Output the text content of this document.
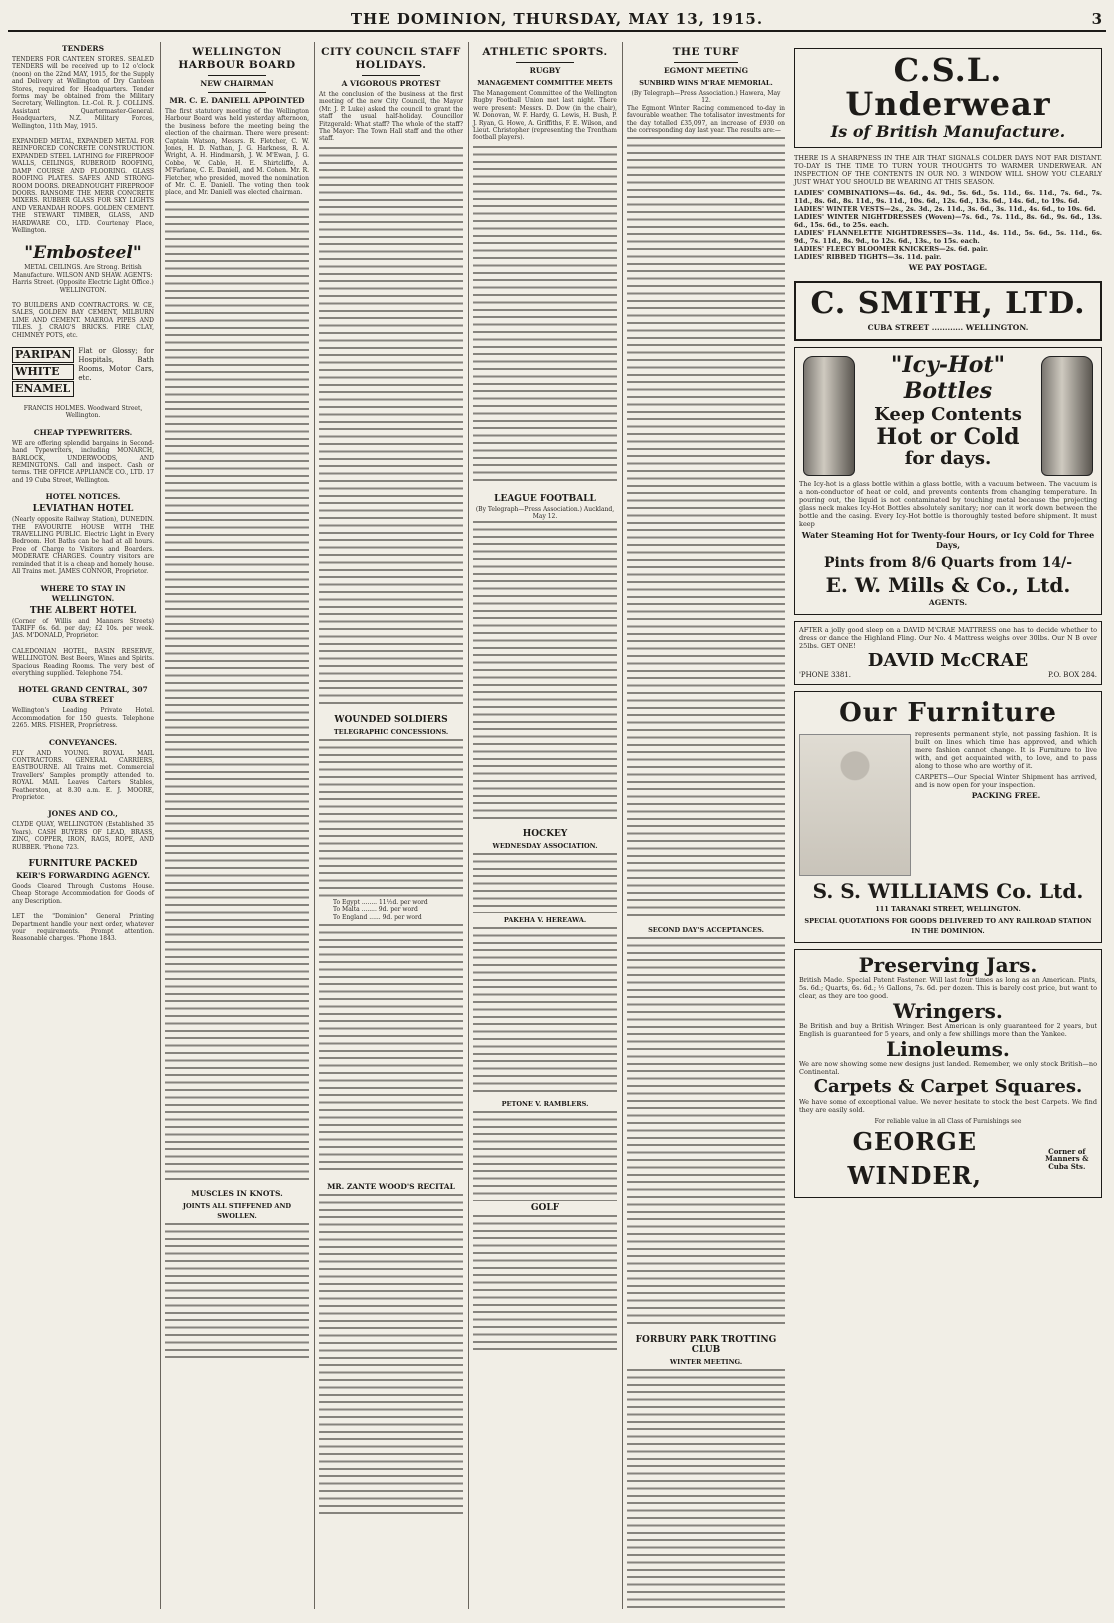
THE DOMINION, THURSDAY, MAY 13, 1915.	3
TENDERS
TENDERS FOR CANTEEN STORES. SEALED TENDERS will be received up to 12 o'clock (noon) on the 22nd MAY, 1915, for the Supply and Delivery at Wellington of Dry Canteen Stores, required for Headquarters. Tender forms may be obtained from the Military Secretary, Wellington. Lt.-Col. R. J. COLLINS. Assistant Quartermaster-General. Headquarters, N.Z. Military Forces, Wellington, 11th May, 1915.
EXPANDED METAL, EXPANDED METAL FOR REINFORCED CONCRETE CONSTRUCTION. EXPANDED STEEL LATHING for FIREPROOF WALLS, CEILINGS, RUBEROID ROOFING, DAMP COURSE AND FLOORING. GLASS ROOFING PLATES. SAFES AND STRONG-ROOM DOORS. DREADNOUGHT FIREPROOF DOORS. RANSOME THE MERR CONCRETE MIXERS. RUBBER GLASS FOR SKY LIGHTS AND VERANDAH ROOFS. GOLDEN CEMENT. THE STEWART TIMBER, GLASS, AND HARDWARE CO., LTD. Courtenay Place, Wellington.
"Embosteel"
METAL CEILINGS. Are Strong. British Manufacture. WILSON AND SHAW. AGENTS: Harris Street. (Opposite Electric Light Office.) WELLINGTON.
TO BUILDERS AND CONTRACTORS. W. CE, SALES, GOLDEN BAY CEMENT, MILBURN LIME AND CEMENT. MAEROA PIPES AND TILES. J. CRAIG'S BRICKS. FIRE CLAY, CHIMNEY POTS, etc.
PARIPAN
WHITE
ENAMEL
Flat or Glossy; for Hospitals, Bath Rooms, Motor Cars, etc.
FRANCIS HOLMES. Woodward Street, Wellington.
CHEAP TYPEWRITERS.
WE are offering splendid bargains in Second-hand Typewriters, including MONARCH, BARLOCK, UNDERWOODS, AND REMINGTONS. Call and inspect. Cash or terms. THE OFFICE APPLIANCE CO., LTD. 17 and 19 Cuba Street, Wellington.
HOTEL NOTICES.
LEVIATHAN HOTEL
(Nearly opposite Railway Station), DUNEDIN. THE FAVOURITE HOUSE WITH THE TRAVELLING PUBLIC. Electric Light in Every Bedroom. Hot Baths can be had at all hours. Free of Charge to Visitors and Boarders. MODERATE CHARGES. Country visitors are reminded that it is a cheap and homely house. All Trains met. JAMES CONNOR, Proprietor.
WHERE TO STAY IN WELLINGTON.
THE ALBERT HOTEL
(Corner of Willis and Manners Streets) TARIFF 6s. 6d. per day; £2 10s. per week. JAS. M'DONALD, Proprietor.
CALEDONIAN HOTEL, BASIN RESERVE, WELLINGTON. Best Beers, Wines and Spirits. Spacious Reading Rooms. The very best of everything supplied. Telephone 754.
HOTEL GRAND CENTRAL, 307 CUBA STREET
Wellington's Leading Private Hotel. Accommodation for 150 guests. Telephone 2265. MRS. FISHER, Proprietress.
CONVEYANCES.
FLY AND YOUNG. ROYAL MAIL CONTRACTORS. GENERAL CARRIERS, EASTBOURNE. All Trains met. Commercial Travellers' Samples promptly attended to. ROYAL MAIL Leaves Carters Stables, Featherston, at 8.30 a.m. E. J. MOORE, Proprietor.
JONES AND CO.,
CLYDE QUAY, WELLINGTON (Established 35 Years). CASH BUYERS OF LEAD, BRASS, ZINC, COPPER, IRON, RAGS, ROPE, AND RUBBER. 'Phone 723.
FURNITURE PACKED
KEIR'S FORWARDING AGENCY.
Goods Cleared Through Customs House. Cheap Storage Accommodation for Goods of any Description.
LET the "Dominion" General Printing Department handle your next order, whatever your requirements. Prompt attention. Reasonable charges. 'Phone 1843.
WELLINGTON HARBOUR BOARD
NEW CHAIRMAN
MR. C. E. DANIELL APPOINTED
The first statutory meeting of the Wellington Harbour Board was held yesterday afternoon, the business before the meeting being the election of the chairman. There were present: Captain Watson, Messrs. R. Fletcher, C. W. Jones, H. D. Nathan, J. G. Harkness, R. A. Wright, A. H. Hindmarsh, J. W. M'Ewan, J. G. Cobbe, W. Cable, H. E. Shirtcliffe, A. M'Farlane, C. E. Daniell, and M. Cohen. Mr. R. Fletcher, who presided, moved the nomination of Mr. C. E. Daniell. The voting then took place, and Mr. Daniell was elected chairman.
MUSCLES IN KNOTS.
JOINTS ALL STIFFENED AND SWOLLEN.
CITY COUNCIL STAFF HOLIDAYS.
A VIGOROUS PROTEST
At the conclusion of the business at the first meeting of the new City Council, the Mayor (Mr. J. P. Luke) asked the council to grant the staff the usual half-holiday. Councillor Fitzgerald: What staff? The whole of the staff? The Mayor: The Town Hall staff and the other staff.
WOUNDED SOLDIERS
TELEGRAPHIC CONCESSIONS.
To Egypt ........ 11½d. per word
To Malta ........ 9d. per word
To England ...... 9d. per word
MR. ZANTE WOOD'S RECITAL
ATHLETIC SPORTS.
RUGBY
MANAGEMENT COMMITTEE MEETS
The Management Committee of the Wellington Rugby Football Union met last night. There were present: Messrs. D. Dow (in the chair), W. Donovan, W. F. Hardy, G. Lewis, H. Bush, P. J. Ryan, G. Howe, A. Griffiths, F. E. Wilson, and Lieut. Christopher (representing the Trentham football players).
LEAGUE FOOTBALL
(By Telegraph—Press Association.) Auckland, May 12.
HOCKEY
WEDNESDAY ASSOCIATION.
PAKEHA V. HEREAWA.
PETONE V. RAMBLERS.
GOLF
THE TURF
EGMONT MEETING
SUNBIRD WINS M'RAE MEMORIAL.
(By Telegraph—Press Association.) Hawera, May 12.
The Egmont Winter Racing commenced to-day in favourable weather. The totalisator investments for the day totalled £35,097, an increase of £930 on the corresponding day last year. The results are:—
SECOND DAY'S ACCEPTANCES.
FORBURY PARK TROTTING CLUB
WINTER MEETING.
C.S.L. Underwear
Is of British Manufacture.
THERE IS A SHARPNESS IN THE AIR THAT SIGNALS COLDER DAYS NOT FAR DISTANT. TO-DAY IS THE TIME TO TURN YOUR THOUGHTS TO WARMER UNDERWEAR. AN INSPECTION OF THE CONTENTS IN OUR NO. 3 WINDOW WILL SHOW YOU CLEARLY JUST WHAT YOU SHOULD BE WEARING AT THIS SEASON.
LADIES' COMBINATIONS—4s. 6d., 4s. 9d., 5s. 6d., 5s. 11d., 6s. 11d., 7s. 6d., 7s. 11d., 8s. 6d., 8s. 11d., 9s. 11d., 10s. 6d., 12s. 6d., 13s. 6d., 14s. 6d., to 19s. 6d.
LADIES' WINTER VESTS—2s., 2s. 3d., 2s. 11d., 3s. 6d., 3s. 11d., 4s. 6d., to 10s. 6d.
LADIES' WINTER NIGHTDRESSES (Woven)—7s. 6d., 7s. 11d., 8s. 6d., 9s. 6d., 13s. 6d., 15s. 6d., to 25s. each.
LADIES' FLANNELETTE NIGHTDRESSES—3s. 11d., 4s. 11d., 5s. 6d., 5s. 11d., 6s. 9d., 7s. 11d., 8s. 9d., to 12s. 6d., 13s., to 15s. each.
LADIES' FLEECY BLOOMER KNICKERS—2s. 6d. pair.
LADIES' RIBBED TIGHTS—3s. 11d. pair.
WE PAY POSTAGE.
C. SMITH, LTD.
CUBA STREET ............ WELLINGTON.
"Icy-Hot" Bottles
Keep Contents
Hot or Cold
for days.
The Icy-hot is a glass bottle within a glass bottle, with a vacuum between. The vacuum is a non-conductor of heat or cold, and prevents contents from changing temperature. In pouring out, the liquid is not contaminated by touching metal because the projecting glass neck makes Icy-Hot Bottles absolutely sanitary; nor can it work down between the bottle and the casing. Every Icy-Hot bottle is thoroughly tested before shipment. It must keep
Water Steaming Hot for Twenty-four Hours, or Icy Cold for Three Days,
Pints from 8/6 Quarts from 14/-
E. W. Mills & Co., Ltd.
AGENTS.
AFTER a jolly good sleep on a DAVID M'CRAE MATTRESS one has to decide whether to dress or dance the Highland Fling. Our No. 4 Mattress weighs over 30lbs. Our N B over 25lbs. GET ONE!
DAVID McCRAE
'PHONE 3381.	P.O. BOX 284.
Our Furniture
represents permanent style, not passing fashion. It is built on lines which time has approved, and which mere fashion cannot change. It is Furniture to live with, and get acquainted with, to love, and to pass along to those who are worthy of it.
CARPETS—Our Special Winter Shipment has arrived, and is now open for your inspection.
PACKING FREE.
S. S. WILLIAMS Co. Ltd.
111 TARANAKI STREET, WELLINGTON.
SPECIAL QUOTATIONS FOR GOODS DELIVERED TO ANY RAILROAD STATION IN THE DOMINION.
Preserving Jars.
British Made. Special Patent Fastener. Will last four times as long as an American. Pints, 5s. 6d.; Quarts, 6s. 6d.; ½ Gallons, 7s. 6d. per dozen. This is barely cost price, but want to clear, as they are too good.
Wringers.
Be British and buy a British Wringer. Best American is only guaranteed for 2 years, but English is guaranteed for 5 years, and only a few shillings more than the Yankee.
Linoleums.
We are now showing some new designs just landed. Remember, we only stock British—no Continental.
Carpets & Carpet Squares.
We have some of exceptional value. We never hesitate to stock the best Carpets. We find they are easily sold.
For reliable value in all Class of Furnishings see
GEORGE WINDER,
Corner of Manners & Cuba Sts.
